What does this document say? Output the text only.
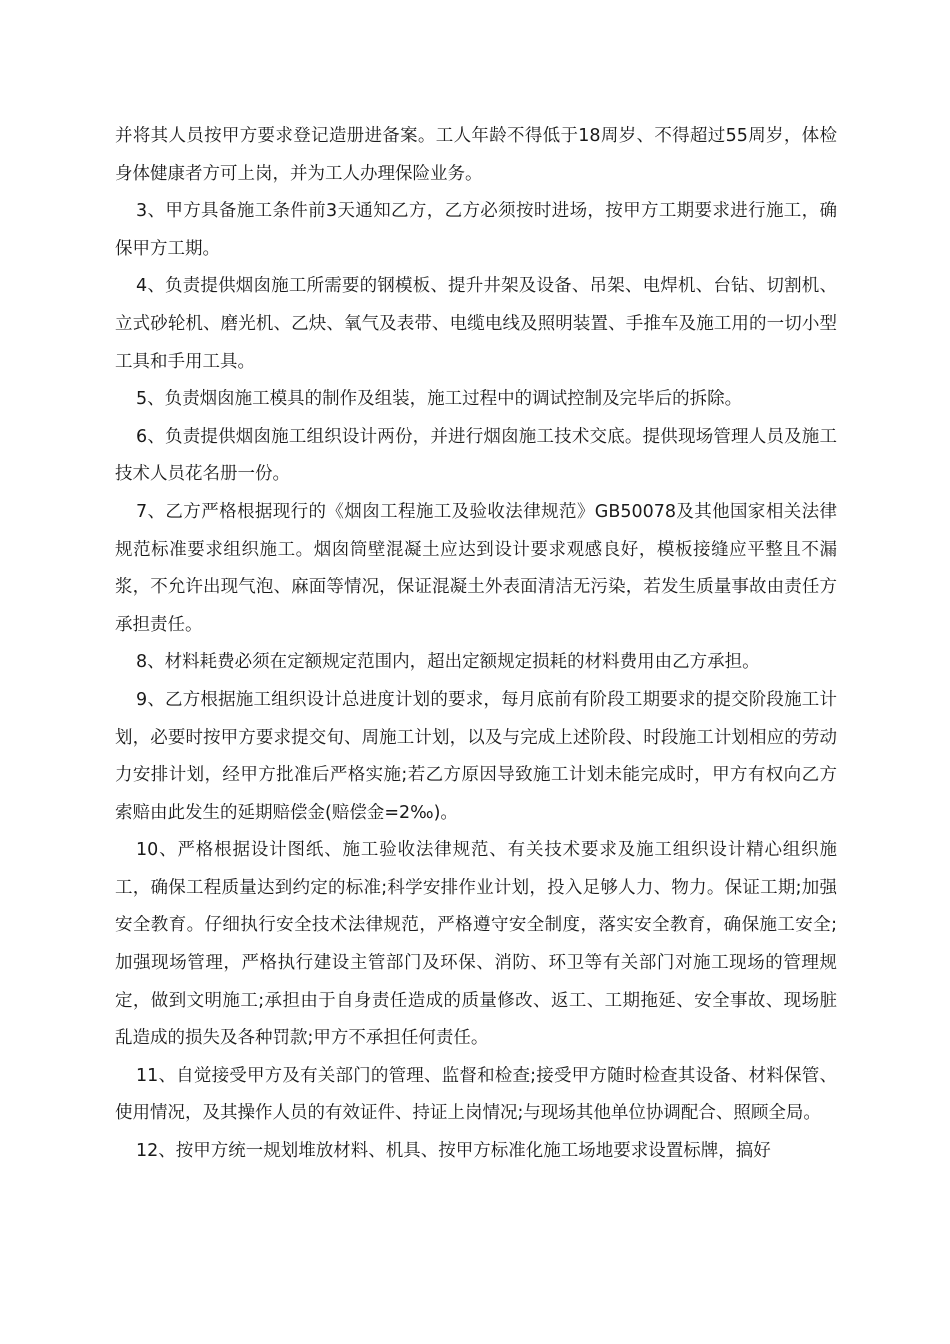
并将其人员按甲方要求登记造册进备案。工人年龄不得低于18周岁、不得超过55周岁，体检身体健康者方可上岗，并为工人办理保险业务。

3、甲方具备施工条件前3天通知乙方，乙方必须按时进场，按甲方工期要求进行施工，确保甲方工期。

4、负责提供烟囱施工所需要的钢模板、提升井架及设备、吊架、电焊机、台钻、切割机、立式砂轮机、磨光机、乙炔、氧气及表带、电缆电线及照明装置、手推车及施工用的一切小型工具和手用工具。

5、负责烟囱施工模具的制作及组装，施工过程中的调试控制及完毕后的拆除。

6、负责提供烟囱施工组织设计两份，并进行烟囱施工技术交底。提供现场管理人员及施工技术人员花名册一份。

7、乙方严格根据现行的《烟囱工程施工及验收法律规范》GB50078及其他国家相关法律规范标准要求组织施工。烟囱筒壁混凝土应达到设计要求观感良好，模板接缝应平整且不漏浆，不允许出现气泡、麻面等情况，保证混凝土外表面清洁无污染，若发生质量事故由责任方承担责任。

8、材料耗费必须在定额规定范围内，超出定额规定损耗的材料费用由乙方承担。

9、乙方根据施工组织设计总进度计划的要求，每月底前有阶段工期要求的提交阶段施工计划，必要时按甲方要求提交旬、周施工计划，以及与完成上述阶段、时段施工计划相应的劳动力安排计划，经甲方批准后严格实施;若乙方原因导致施工计划未能完成时，甲方有权向乙方索赔由此发生的延期赔偿金(赔偿金=2‰)。

10、严格根据设计图纸、施工验收法律规范、有关技术要求及施工组织设计精心组织施工，确保工程质量达到约定的标准;科学安排作业计划，投入足够人力、物力。保证工期;加强安全教育。仔细执行安全技术法律规范，严格遵守安全制度，落实安全教育，确保施工安全;加强现场管理，严格执行建设主管部门及环保、消防、环卫等有关部门对施工现场的管理规定，做到文明施工;承担由于自身责任造成的质量修改、返工、工期拖延、安全事故、现场脏乱造成的损失及各种罚款;甲方不承担任何责任。

11、自觉接受甲方及有关部门的管理、监督和检查;接受甲方随时检查其设备、材料保管、使用情况，及其操作人员的有效证件、持证上岗情况;与现场其他单位协调配合、照顾全局。

12、按甲方统一规划堆放材料、机具、按甲方标准化施工场地要求设置标牌，搞好
